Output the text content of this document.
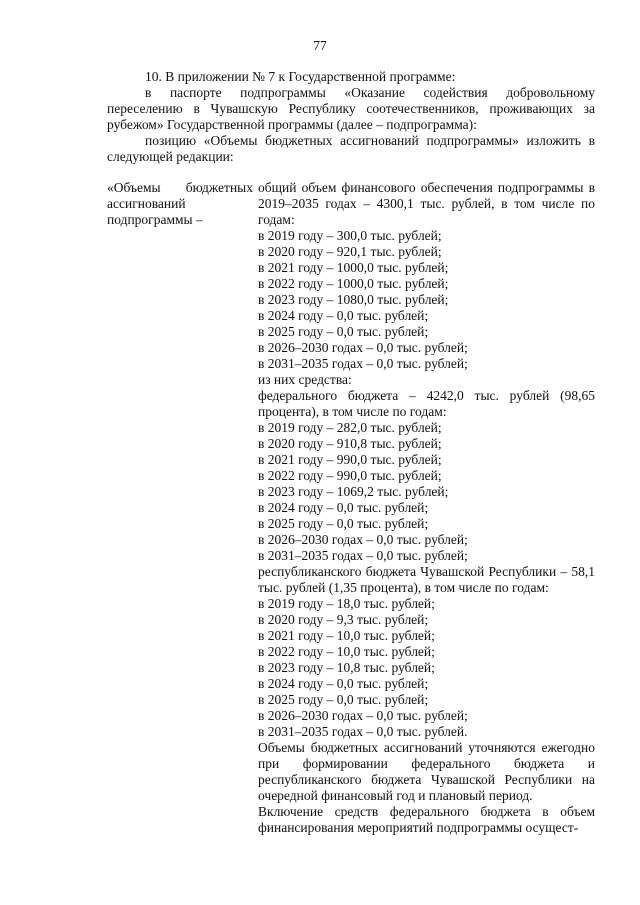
77

10. В приложении № 7 к Государственной программе:

в паспорте подпрограммы «Оказание содействия добровольному переселению в Чувашскую Республику соотечественников, проживающих за рубежом» Государственной программы (далее – подпрограмма):

позицию «Объемы бюджетных ассигнований подпрограммы» изложить в следующей редакции:

«Объемы бюджетных ассигнований подпрограммы –
общий объем финансового обеспечения подпрограммы в 2019–2035 годах – 4300,1 тыс. рублей, в том числе по годам:
в 2019 году – 300,0 тыс. рублей;
в 2020 году – 920,1 тыс. рублей;
в 2021 году – 1000,0 тыс. рублей;
в 2022 году – 1000,0 тыс. рублей;
в 2023 году – 1080,0 тыс. рублей;
в 2024 году – 0,0 тыс. рублей;
в 2025 году – 0,0 тыс. рублей;
в 2026–2030 годах – 0,0 тыс. рублей;
в 2031–2035 годах – 0,0 тыс. рублей;
из них средства:
федерального бюджета – 4242,0 тыс. рублей (98,65 процента), в том числе по годам:
в 2019 году – 282,0 тыс. рублей;
в 2020 году – 910,8 тыс. рублей;
в 2021 году – 990,0 тыс. рублей;
в 2022 году – 990,0 тыс. рублей;
в 2023 году – 1069,2 тыс. рублей;
в 2024 году – 0,0 тыс. рублей;
в 2025 году – 0,0 тыс. рублей;
в 2026–2030 годах – 0,0 тыс. рублей;
в 2031–2035 годах – 0,0 тыс. рублей;
республиканского бюджета Чувашской Республики – 58,1 тыс. рублей (1,35 процента), в том числе по годам:
в 2019 году – 18,0 тыс. рублей;
в 2020 году – 9,3 тыс. рублей;
в 2021 году – 10,0 тыс. рублей;
в 2022 году – 10,0 тыс. рублей;
в 2023 году – 10,8 тыс. рублей;
в 2024 году – 0,0 тыс. рублей;
в 2025 году – 0,0 тыс. рублей;
в 2026–2030 годах – 0,0 тыс. рублей;
в 2031–2035 годах – 0,0 тыс. рублей.
Объемы бюджетных ассигнований уточняются ежегодно при формировании федерального бюджета и республиканского бюджета Чувашской Республики на очередной финансовый год и плановый период.
Включение средств федерального бюджета в объем финансирования мероприятий подпрограммы осущест-
